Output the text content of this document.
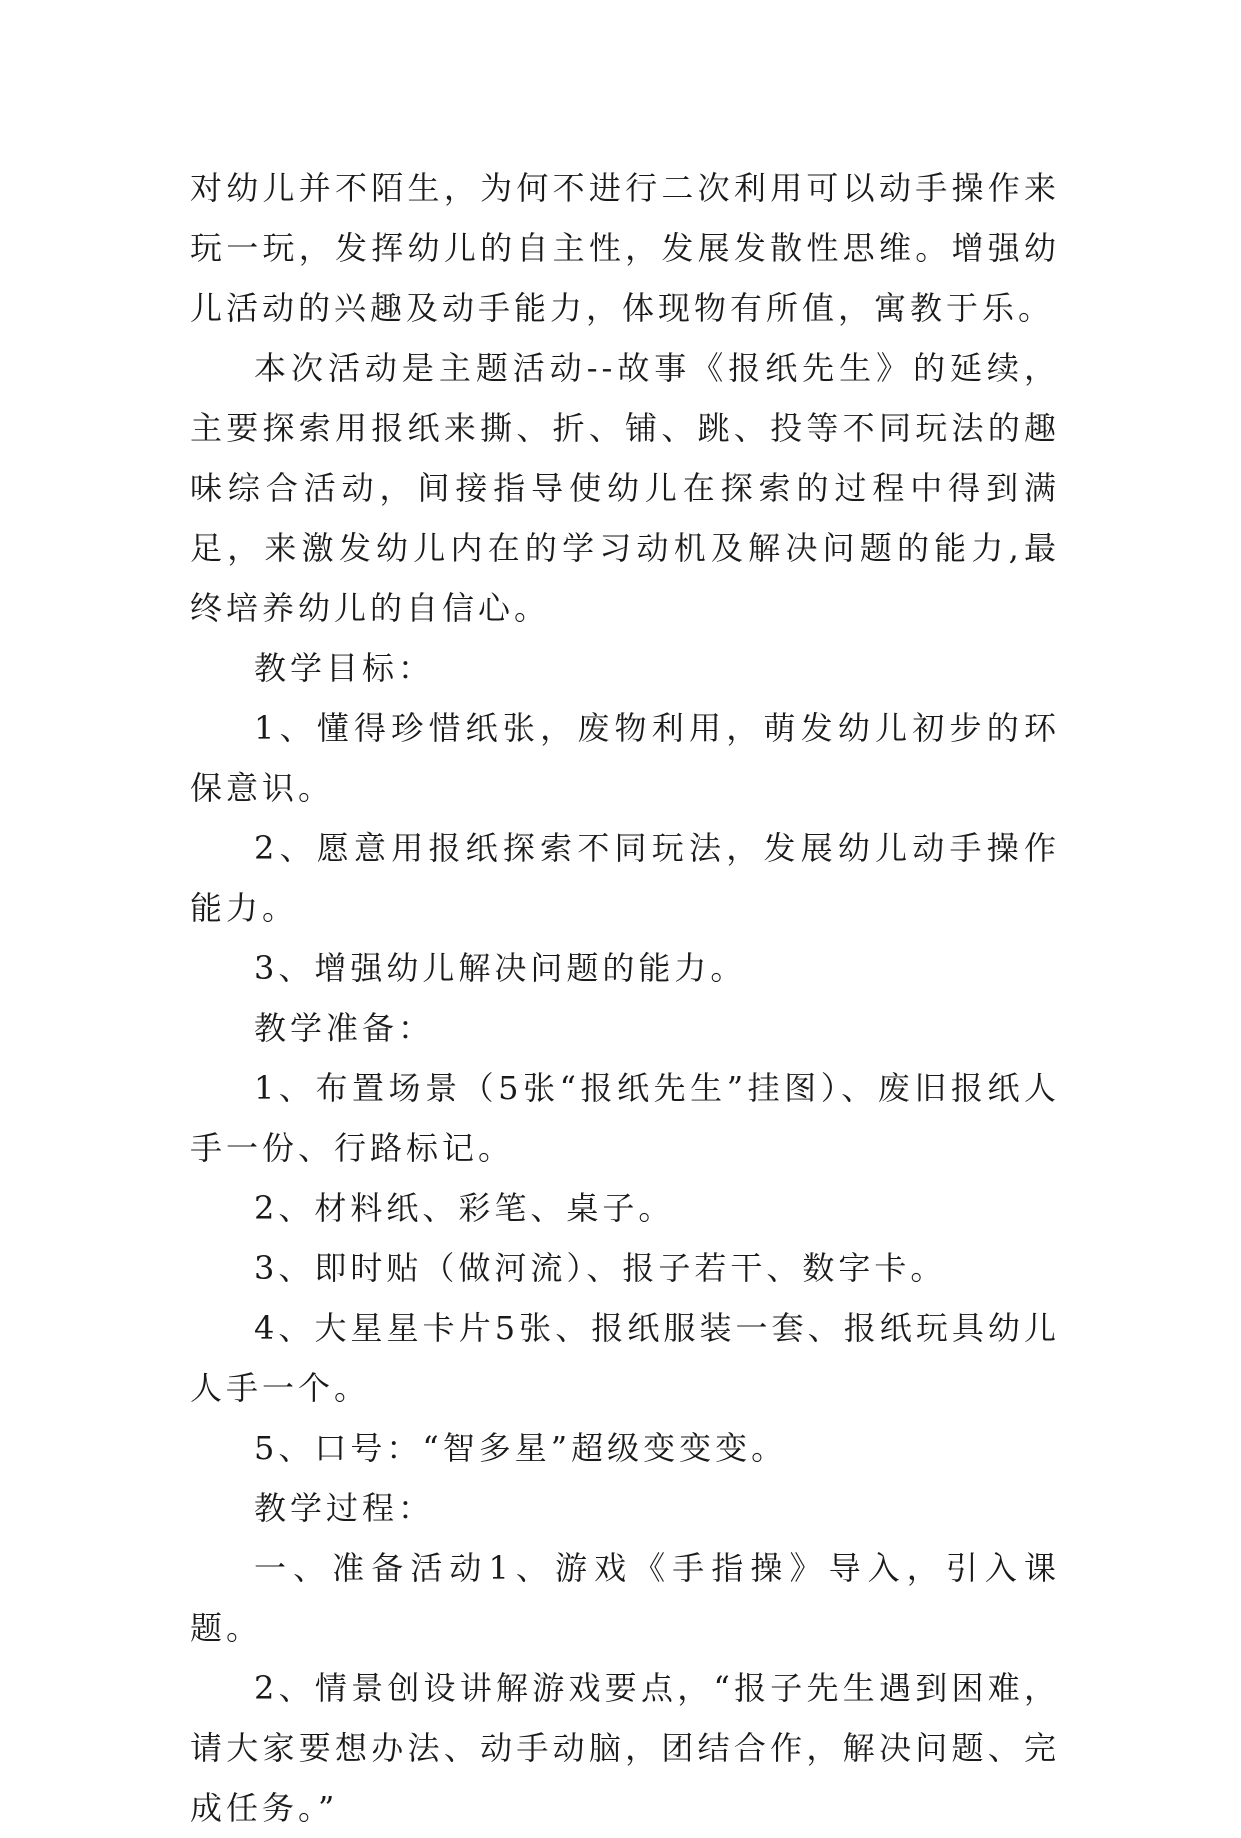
对幼儿并不陌生，为何不进行二次利用可以动手操作来玩一玩，发挥幼儿的自主性，发展发散性思维。增强幼儿活动的兴趣及动手能力，体现物有所值，寓教于乐。

本次活动是主题活动--故事《报纸先生》的延续，主要探索用报纸来撕、折、铺、跳、投等不同玩法的趣味综合活动，间接指导使幼儿在探索的过程中得到满足，来激发幼儿内在的学习动机及解决问题的能力,最终培养幼儿的自信心。

教学目标：

1、懂得珍惜纸张，废物利用，萌发幼儿初步的环保意识。

2、愿意用报纸探索不同玩法，发展幼儿动手操作能力。

3、增强幼儿解决问题的能力。

教学准备：

1、布置场景（5张“报纸先生”挂图）、废旧报纸人手一份、行路标记。

2、材料纸、彩笔、桌子。

3、即时贴（做河流）、报子若干、数字卡。

4、大星星卡片5张、报纸服装一套、报纸玩具幼儿人手一个。

5、口号：“智多星”超级变变变。

教学过程：

一、准备活动1、游戏《手指操》导入，引入课题。

2、情景创设讲解游戏要点，“报子先生遇到困难，请大家要想办法、动手动脑，团结合作，解决问题、完成任务。”
